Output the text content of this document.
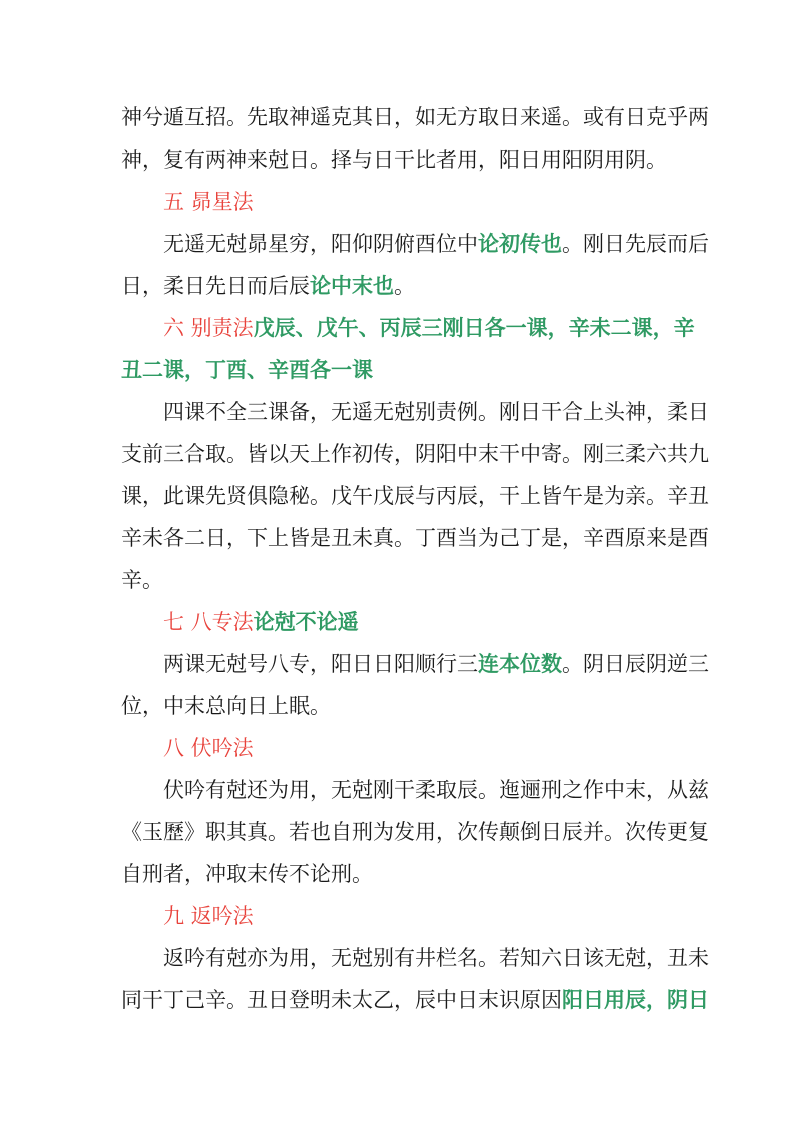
神兮遁互招。先取神遥克其日，如无方取日来遥。或有日克乎两
神，复有两神来尅日。择与日干比者用，阳日用阳阴用阴。
五 昴星法
无遥无尅昴星穷，阳仰阴俯酉位中论初传也。刚日先辰而后
日，柔日先日而后辰论中末也。
六 别责法戊辰、戊午、丙辰三刚日各一课，辛未二课，辛
丑二课，丁酉、辛酉各一课
四课不全三课备，无遥无尅别责例。刚日干合上头神，柔日
支前三合取。皆以天上作初传，阴阳中末干中寄。刚三柔六共九
课，此课先贤俱隐秘。戊午戊辰与丙辰，干上皆午是为亲。辛丑
辛未各二日，下上皆是丑未真。丁酉当为己丁是，辛酉原来是酉
辛。
七 八专法论尅不论遥
两课无尅号八专，阳日日阳顺行三连本位数。阴日辰阴逆三
位，中末总向日上眠。
八 伏吟法
伏吟有尅还为用，无尅刚干柔取辰。迤逦刑之作中末，从兹
《玉歷》职其真。若也自刑为发用，次传颠倒日辰并。次传更复
自刑者，冲取末传不论刑。
九 返吟法
返吟有尅亦为用，无尅别有井栏名。若知六日该无尅，丑未
同干丁己辛。丑日登明未太乙，辰中日末识原因阳日用辰，阴日
